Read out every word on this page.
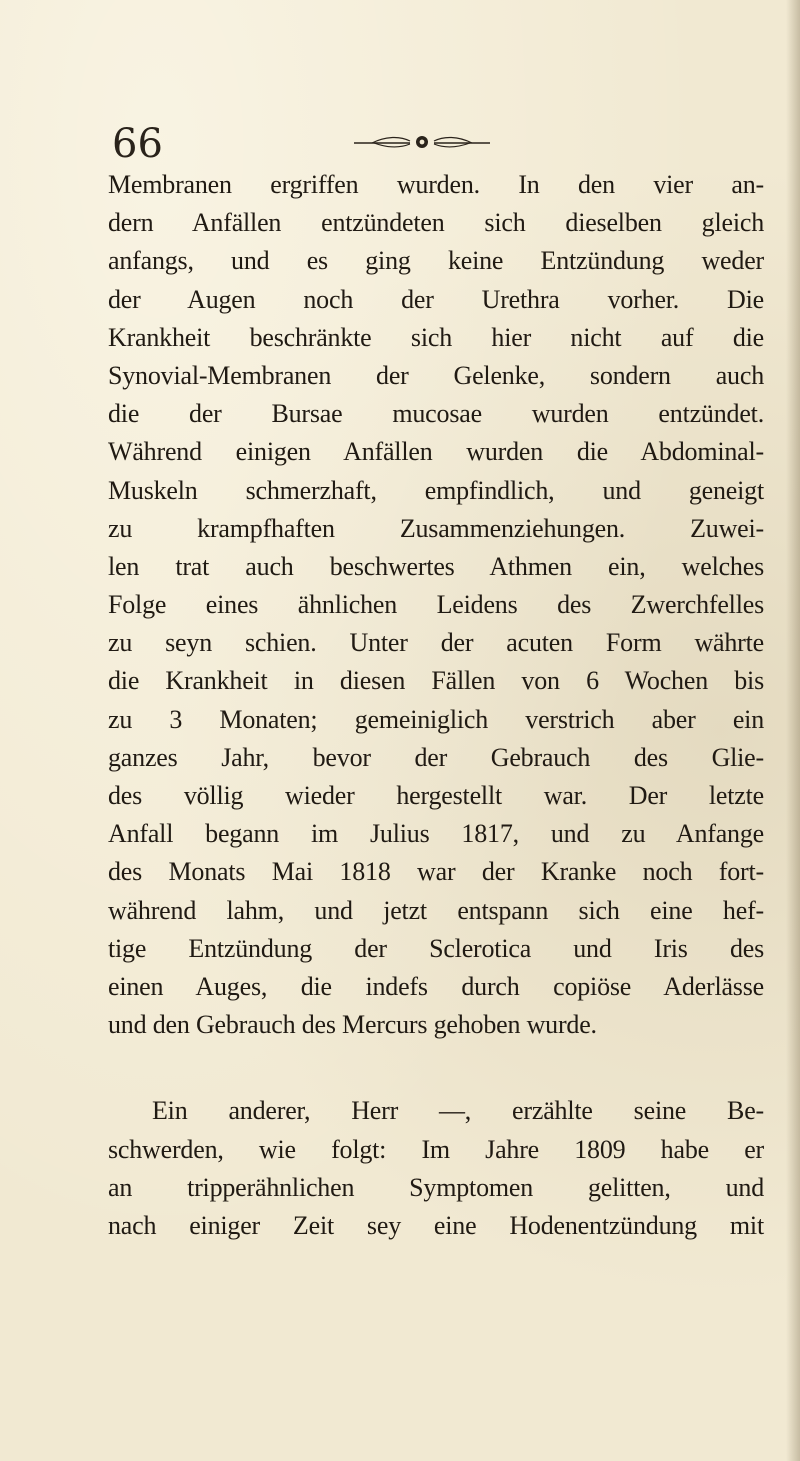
66
Membranen ergriffen wurden. In den vier an-
dern Anfällen entzündeten sich dieselben gleich
anfangs, und es ging keine Entzündung weder
der Augen noch der Urethra vorher. Die
Krankheit beschränkte sich hier nicht auf die
Synovial-Membranen der Gelenke, sondern auch
die der Bursae mucosae wurden entzündet.
Während einigen Anfällen wurden die Abdominal-
Muskeln schmerzhaft, empfindlich, und geneigt
zu krampfhaften Zusammenziehungen. Zuwei-
len trat auch beschwertes Athmen ein, welches
Folge eines ähnlichen Leidens des Zwerchfelles
zu seyn schien. Unter der acuten Form währte
die Krankheit in diesen Fällen von 6 Wochen bis
zu 3 Monaten; gemeiniglich verstrich aber ein
ganzes Jahr, bevor der Gebrauch des Glie-
des völlig wieder hergestellt war. Der letzte
Anfall begann im Julius 1817, und zu Anfange
des Monats Mai 1818 war der Kranke noch fort-
während lahm, und jetzt entspann sich eine hef-
tige Entzündung der Sclerotica und Iris des
einen Auges, die indefs durch copiöse Aderlässe
und den Gebrauch des Mercurs gehoben wurde.
Ein anderer, Herr —, erzählte seine Be-
schwerden, wie folgt: Im Jahre 1809 habe er
an tripperähnlichen Symptomen gelitten, und
nach einiger Zeit sey eine Hodenentzündung mit
